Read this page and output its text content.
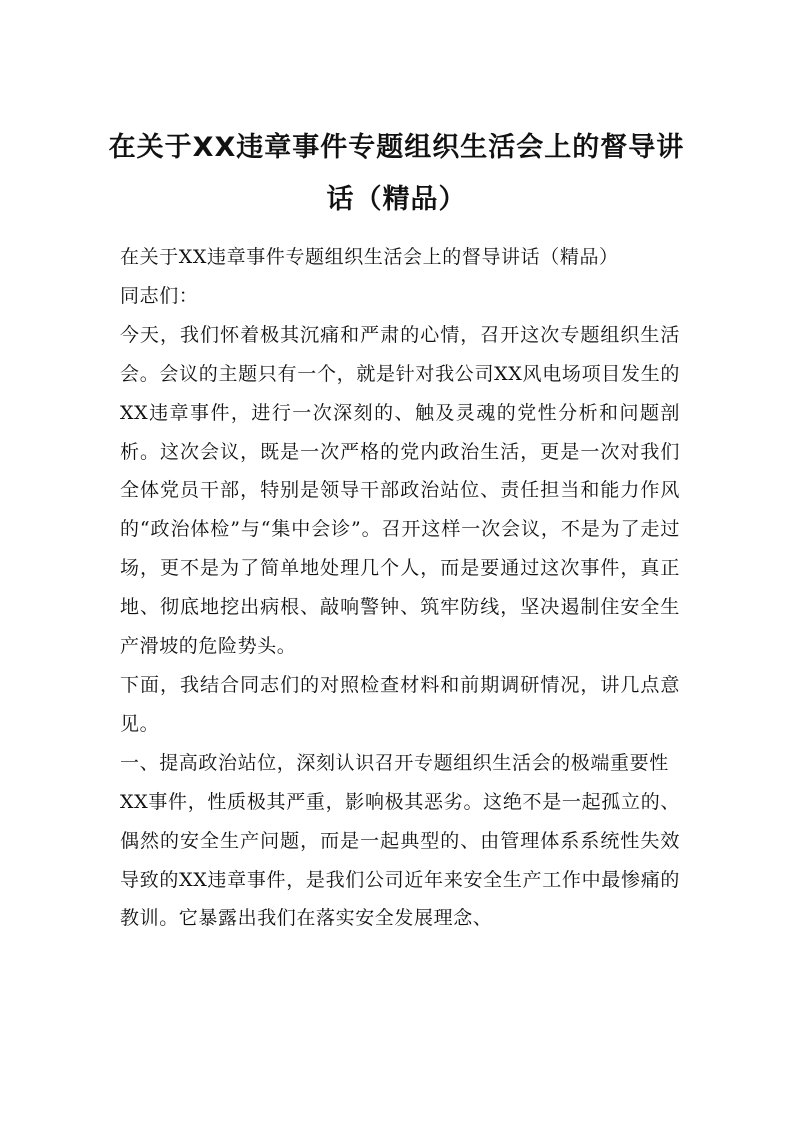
在关于XX违章事件专题组织生活会上的督导讲话（精品）

在关于XX违章事件专题组织生活会上的督导讲话（精品）

同志们：

今天，我们怀着极其沉痛和严肃的心情，召开这次专题组织生活会。会议的主题只有一个，就是针对我公司XX风电场项目发生的XX违章事件，进行一次深刻的、触及灵魂的党性分析和问题剖析。这次会议，既是一次严格的党内政治生活，更是一次对我们全体党员干部，特别是领导干部政治站位、责任担当和能力作风的“政治体检”与“集中会诊”。召开这样一次会议，不是为了走过场，更不是为了简单地处理几个人，而是要通过这次事件，真正地、彻底地挖出病根、敲响警钟、筑牢防线，坚决遏制住安全生产滑坡的危险势头。

下面，我结合同志们的对照检查材料和前期调研情况，讲几点意见。

一、提高政治站位，深刻认识召开专题组织生活会的极端重要性

XX事件，性质极其严重，影响极其恶劣。这绝不是一起孤立的、偶然的安全生产问题，而是一起典型的、由管理体系系统性失效导致的XX违章事件，是我们公司近年来安全生产工作中最惨痛的教训。它暴露出我们在落实安全发展理念、
